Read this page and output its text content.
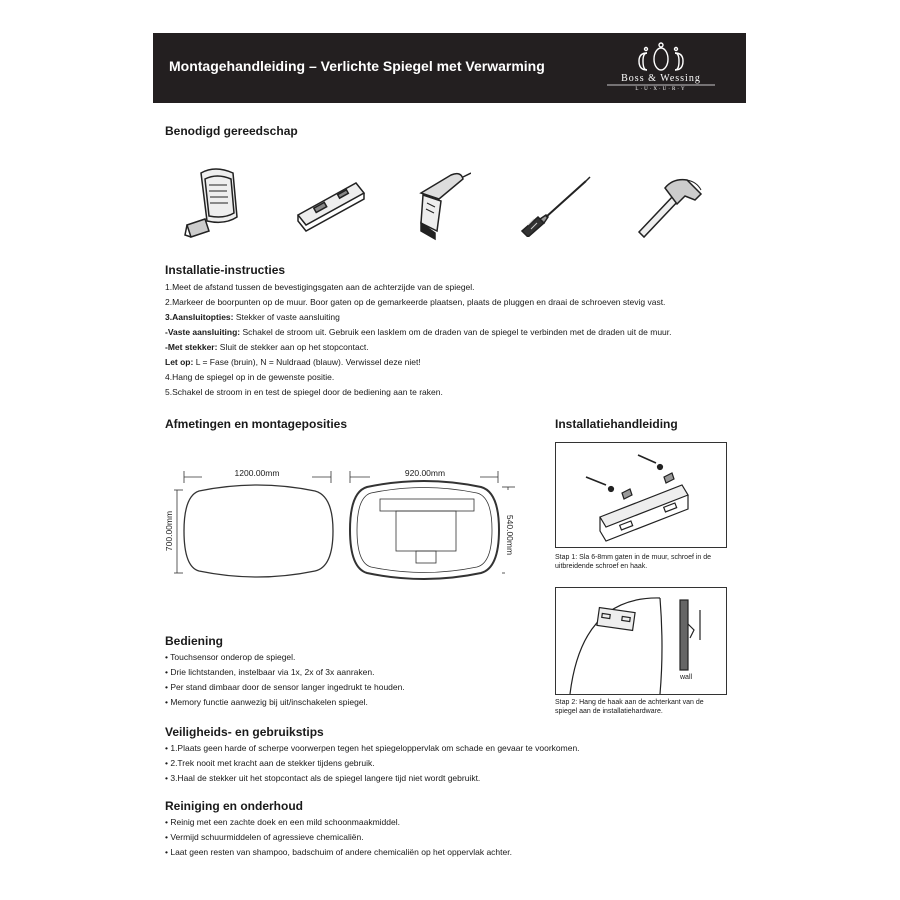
Montagehandleiding – Verlichte Spiegel met Verwarming
Boss & Wessing
L·U·X·U·R·Y
Benodigd gereedschap
Installatie-instructies
1.Meet de afstand tussen de bevestigingsgaten aan de achterzijde van de spiegel.
2.Markeer de boorpunten op de muur. Boor gaten op de gemarkeerde plaatsen, plaats de pluggen en draai de schroeven stevig vast.
3.Aansluitopties: Stekker of vaste aansluiting
-Vaste aansluiting: Schakel de stroom uit. Gebruik een lasklem om de draden van de spiegel te verbinden met de draden uit de muur.
-Met stekker: Sluit de stekker aan op het stopcontact.
Let op: L = Fase (bruin), N = Nuldraad (blauw). Verwissel deze niet!
4.Hang de spiegel op in de gewenste positie.
5.Schakel de stroom in en test de spiegel door de bediening aan te raken.
Afmetingen en montageposities
1200.00mm
700.00mm
920.00mm
540.00mm
Installatiehandleiding
Stap 1: Sla 6-8mm gaten in de muur, schroef in de uitbreidende schroef en haak.
wall
Stap 2: Hang de haak aan de achterkant van de spiegel aan de installatiehardware.
Bediening
• Touchsensor onderop de spiegel.
• Drie lichtstanden, instelbaar via 1x, 2x of 3x aanraken.
• Per stand dimbaar door de sensor langer ingedrukt te houden.
• Memory functie aanwezig bij uit/inschakelen spiegel.
Veiligheids- en gebruikstips
• 1.Plaats geen harde of scherpe voorwerpen tegen het spiegeloppervlak om schade en gevaar te voorkomen.
• 2.Trek nooit met kracht aan de stekker tijdens gebruik.
• 3.Haal de stekker uit het stopcontact als de spiegel langere tijd niet wordt gebruikt.
Reiniging en onderhoud
• Reinig met een zachte doek en een mild schoonmaakmiddel.
• Vermijd schuurmiddelen of agressieve chemicaliën.
• Laat geen resten van shampoo, badschuim of andere chemicaliën op het oppervlak achter.
